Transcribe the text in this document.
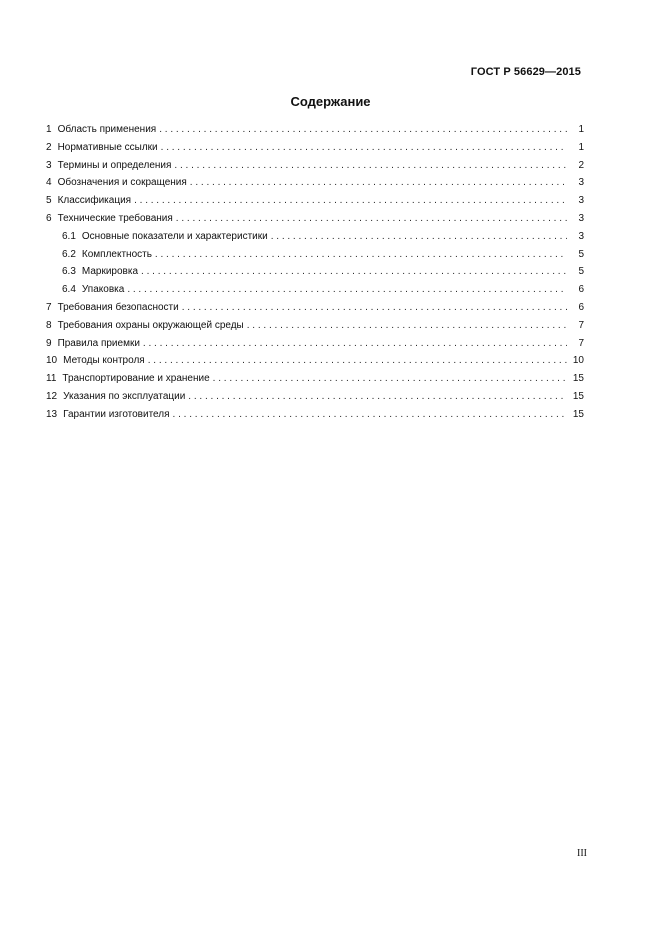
ГОСТ Р 56629—2015
Содержание
1 Область применения . . .	1
2 Нормативные ссылки . . .	1
3 Термины и определения . . .	2
4 Обозначения и сокращения . . .	3
5 Классификация . . .	3
6 Технические требования . . .	3
6.1 Основные показатели и характеристики . . .	3
6.2 Комплектность . . .	5
6.3 Маркировка . . .	5
6.4 Упаковка . . .	6
7 Требования безопасности . . .	6
8 Требования охраны окружающей среды . . .	7
9 Правила приемки . . .	7
10 Методы контроля . . .	10
11 Транспортирование и хранение . . .	15
12 Указания по эксплуатации . . .	15
13 Гарантии изготовителя . . .	15
III
